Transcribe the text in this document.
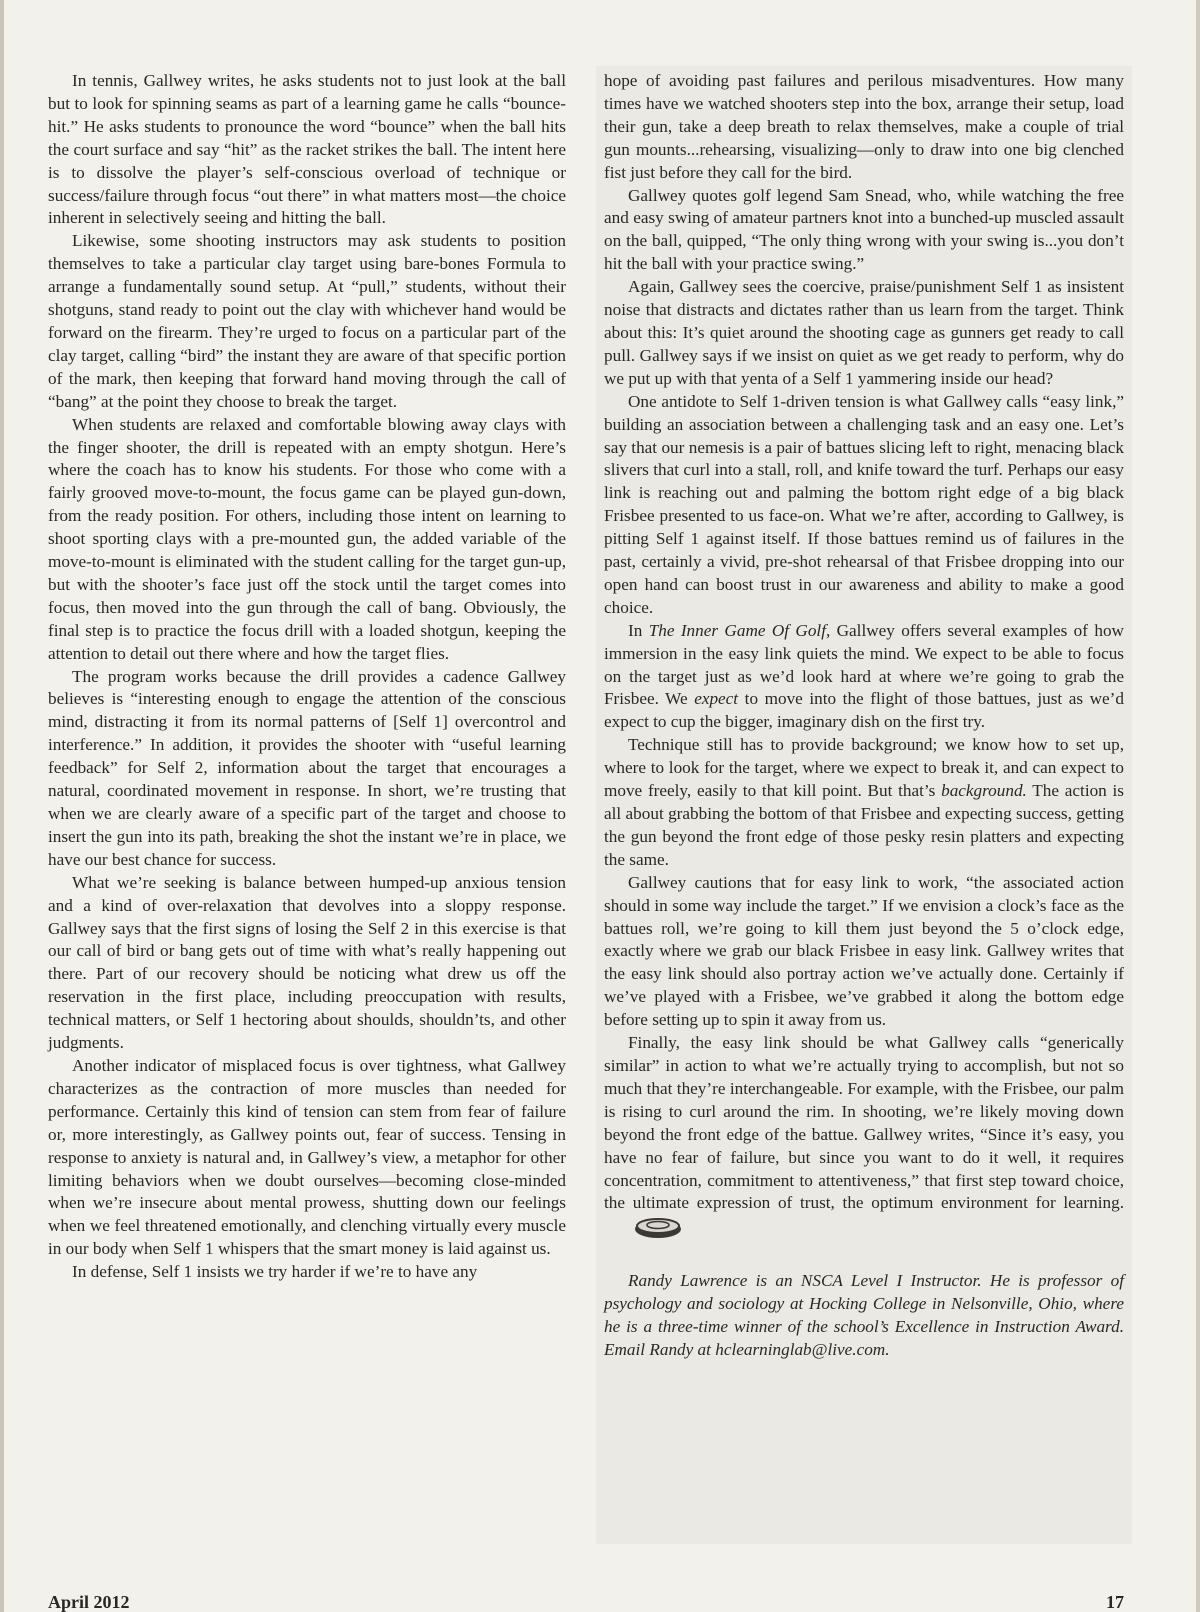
In tennis, Gallwey writes, he asks students not to just look at the ball but to look for spinning seams as part of a learning game he calls “bounce-hit.” He asks students to pronounce the word “bounce” when the ball hits the court surface and say “hit” as the racket strikes the ball. The intent here is to dissolve the player’s self-conscious overload of technique or success/failure through focus “out there” in what matters most—the choice inherent in selectively seeing and hitting the ball.

Likewise, some shooting instructors may ask students to position themselves to take a particular clay target using bare-bones Formula to arrange a fundamentally sound setup. At “pull,” students, without their shotguns, stand ready to point out the clay with whichever hand would be forward on the firearm. They’re urged to focus on a particular part of the clay target, calling “bird” the instant they are aware of that specific portion of the mark, then keeping that forward hand moving through the call of “bang” at the point they choose to break the target.

When students are relaxed and comfortable blowing away clays with the finger shooter, the drill is repeated with an empty shotgun. Here’s where the coach has to know his students. For those who come with a fairly grooved move-to-mount, the focus game can be played gun-down, from the ready position. For others, including those intent on learning to shoot sporting clays with a pre-mounted gun, the added variable of the move-to-mount is eliminated with the student calling for the target gun-up, but with the shooter’s face just off the stock until the target comes into focus, then moved into the gun through the call of bang. Obviously, the final step is to practice the focus drill with a loaded shotgun, keeping the attention to detail out there where and how the target flies.

The program works because the drill provides a cadence Gallwey believes is “interesting enough to engage the attention of the conscious mind, distracting it from its normal patterns of [Self 1] overcontrol and interference.” In addition, it provides the shooter with “useful learning feedback” for Self 2, information about the target that encourages a natural, coordinated movement in response. In short, we’re trusting that when we are clearly aware of a specific part of the target and choose to insert the gun into its path, breaking the shot the instant we’re in place, we have our best chance for success.

What we’re seeking is balance between humped-up anxious tension and a kind of over-relaxation that devolves into a sloppy response. Gallwey says that the first signs of losing the Self 2 in this exercise is that our call of bird or bang gets out of time with what’s really happening out there. Part of our recovery should be noticing what drew us off the reservation in the first place, including preoccupation with results, technical matters, or Self 1 hectoring about shoulds, shouldn’ts, and other judgments.

Another indicator of misplaced focus is over tightness, what Gallwey characterizes as the contraction of more muscles than needed for performance. Certainly this kind of tension can stem from fear of failure or, more interestingly, as Gallwey points out, fear of success. Tensing in response to anxiety is natural and, in Gallwey’s view, a metaphor for other limiting behaviors when we doubt ourselves—becoming close-minded when we’re insecure about mental prowess, shutting down our feelings when we feel threatened emotionally, and clenching virtually every muscle in our body when Self 1 whispers that the smart money is laid against us.

In defense, Self 1 insists we try harder if we’re to have any

hope of avoiding past failures and perilous misadventures. How many times have we watched shooters step into the box, arrange their setup, load their gun, take a deep breath to relax themselves, make a couple of trial gun mounts...rehearsing, visualizing—only to draw into one big clenched fist just before they call for the bird.

Gallwey quotes golf legend Sam Snead, who, while watching the free and easy swing of amateur partners knot into a bunched-up muscled assault on the ball, quipped, “The only thing wrong with your swing is...you don’t hit the ball with your practice swing.”

Again, Gallwey sees the coercive, praise/punishment Self 1 as insistent noise that distracts and dictates rather than us learn from the target. Think about this: It’s quiet around the shooting cage as gunners get ready to call pull. Gallwey says if we insist on quiet as we get ready to perform, why do we put up with that yenta of a Self 1 yammering inside our head?

One antidote to Self 1-driven tension is what Gallwey calls “easy link,” building an association between a challenging task and an easy one. Let’s say that our nemesis is a pair of battues slicing left to right, menacing black slivers that curl into a stall, roll, and knife toward the turf. Perhaps our easy link is reaching out and palming the bottom right edge of a big black Frisbee presented to us face-on. What we’re after, according to Gallwey, is pitting Self 1 against itself. If those battues remind us of failures in the past, certainly a vivid, pre-shot rehearsal of that Frisbee dropping into our open hand can boost trust in our awareness and ability to make a good choice.

In The Inner Game Of Golf, Gallwey offers several examples of how immersion in the easy link quiets the mind. We expect to be able to focus on the target just as we’d look hard at where we’re going to grab the Frisbee. We expect to move into the flight of those battues, just as we’d expect to cup the bigger, imaginary dish on the first try.

Technique still has to provide background; we know how to set up, where to look for the target, where we expect to break it, and can expect to move freely, easily to that kill point. But that’s background. The action is all about grabbing the bottom of that Frisbee and expecting success, getting the gun beyond the front edge of those pesky resin platters and expecting the same.

Gallwey cautions that for easy link to work, “the associated action should in some way include the target.” If we envision a clock’s face as the battues roll, we’re going to kill them just beyond the 5 o’clock edge, exactly where we grab our black Frisbee in easy link. Gallwey writes that the easy link should also portray action we’ve actually done. Certainly if we’ve played with a Frisbee, we’ve grabbed it along the bottom edge before setting up to spin it away from us.

Finally, the easy link should be what Gallwey calls “generically similar” in action to what we’re actually trying to accomplish, but not so much that they’re interchangeable. For example, with the Frisbee, our palm is rising to curl around the rim. In shooting, we’re likely moving down beyond the front edge of the battue. Gallwey writes, “Since it’s easy, you have no fear of failure, but since you want to do it well, it requires concentration, commitment to attentiveness,” that first step toward choice, the ultimate expression of trust, the optimum environment for learning.

Randy Lawrence is an NSCA Level I Instructor. He is professor of psychology and sociology at Hocking College in Nelsonville, Ohio, where he is a three-time winner of the school’s Excellence in Instruction Award. Email Randy at hclearninglab@live.com.

April 2012	17
